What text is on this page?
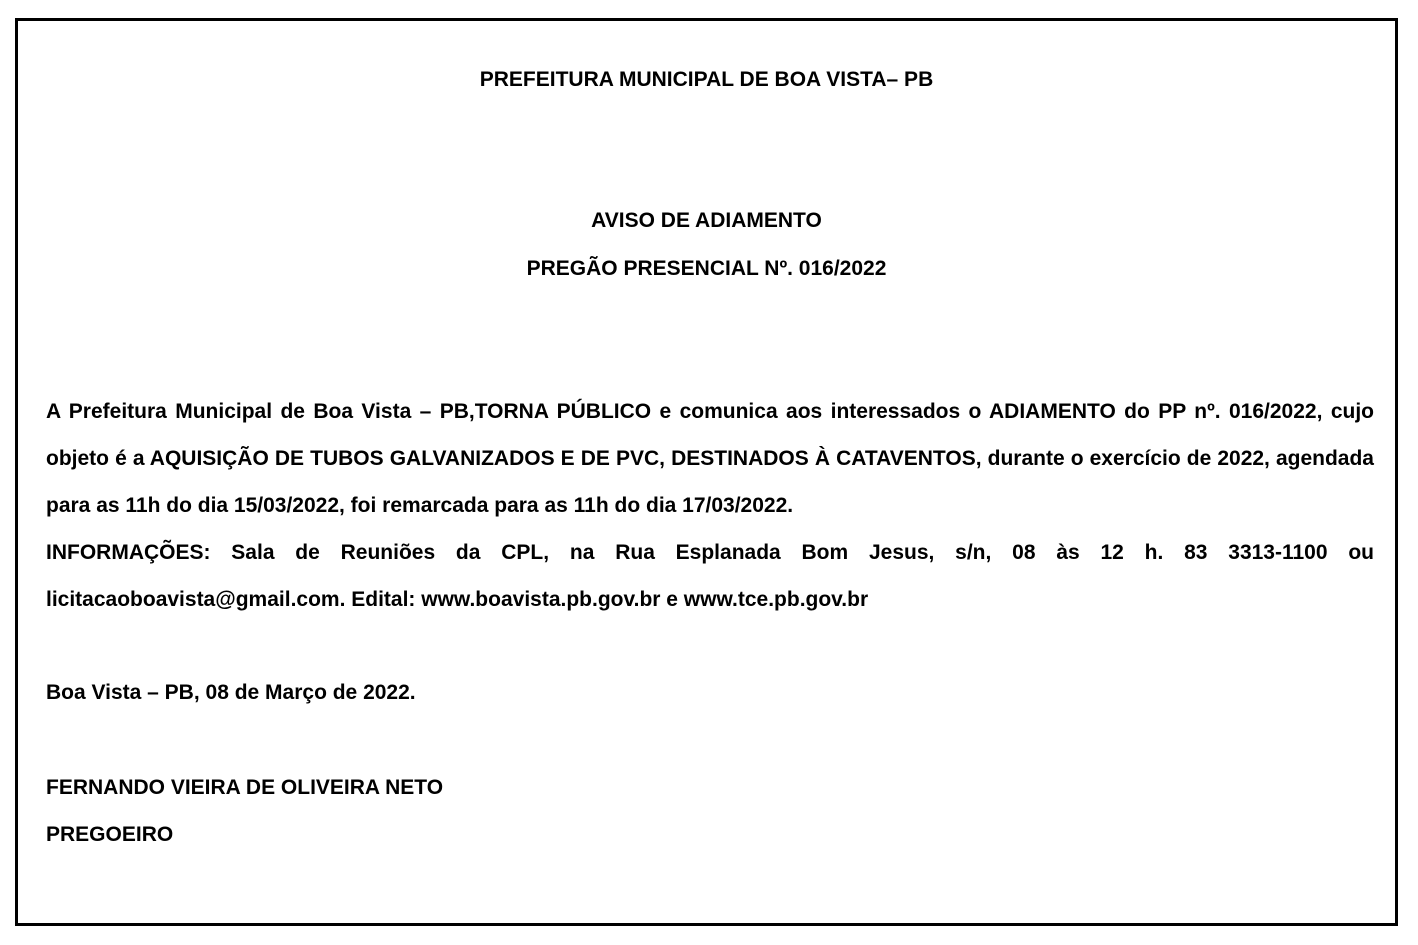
PREFEITURA MUNICIPAL DE BOA VISTA– PB
AVISO DE ADIAMENTO
PREGÃO PRESENCIAL Nº. 016/2022
A Prefeitura Municipal de Boa Vista – PB,TORNA PÚBLICO e comunica aos interessados o ADIAMENTO do PP nº. 016/2022, cujo objeto é a AQUISIÇÃO DE TUBOS GALVANIZADOS E DE PVC, DESTINADOS À CATAVENTOS, durante o exercício de 2022, agendada para as 11h do dia 15/03/2022, foi remarcada para as 11h do dia 17/03/2022.
INFORMAÇÕES: Sala de Reuniões da CPL, na Rua Esplanada Bom Jesus, s/n, 08 às 12 h. 83 3313-1100 ou licitacaoboavista@gmail.com. Edital: www.boavista.pb.gov.br e www.tce.pb.gov.br
Boa Vista – PB, 08 de Março de 2022.
FERNANDO VIEIRA DE OLIVEIRA NETO
PREGOEIRO
